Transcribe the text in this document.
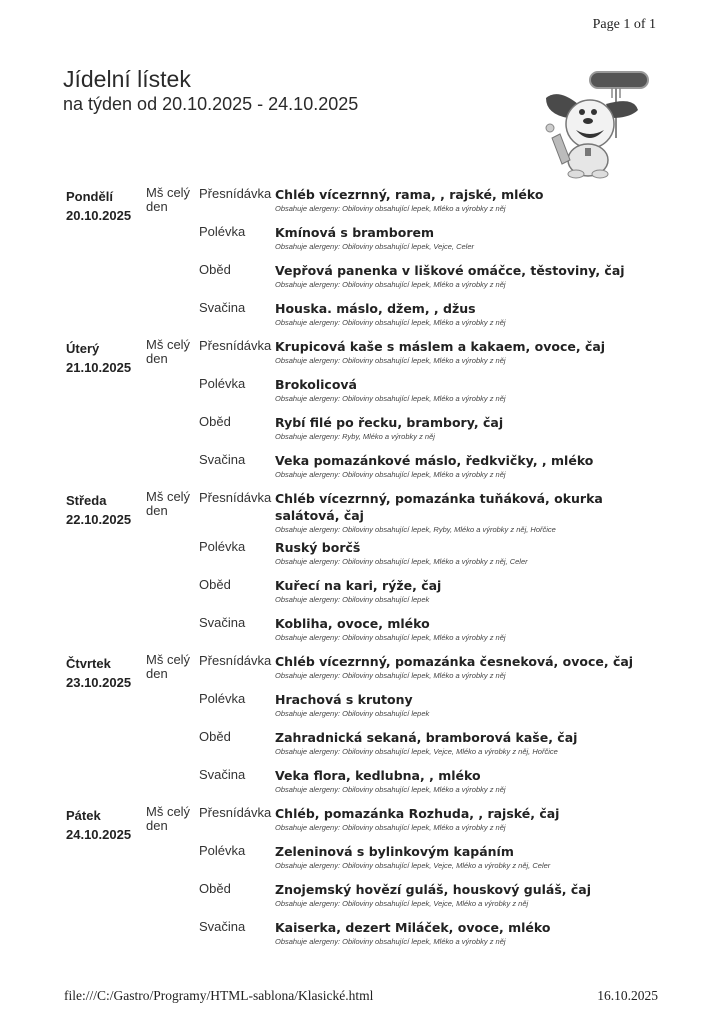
Page 1 of 1
Jídelní lístek
na týden od 20.10.2025 - 24.10.2025
Pondělí
20.10.2025
Mš celý den
Přesnídávka Chléb vícezrnný, rama, , rajské, mléko
Obsahuje alergeny: Obiloviny obsahující lepek, Mléko a výrobky z něj
Polévka	Kmínová s bramborem
Obsahuje alergeny: Obiloviny obsahující lepek, Vejce, Celer
Oběd	Vepřová panenka v liškové omáčce, těstoviny, čaj
Obsahuje alergeny: Obiloviny obsahující lepek, Mléko a výrobky z něj
Svačina	Houska. máslo, džem, , džus
Obsahuje alergeny: Obiloviny obsahující lepek, Mléko a výrobky z něj
Úterý
21.10.2025
Mš celý den
Přesnídávka Krupicová kaše s máslem a kakaem, ovoce, čaj
Obsahuje alergeny: Obiloviny obsahující lepek, Mléko a výrobky z něj
Polévka	Brokolicová
Obsahuje alergeny: Obiloviny obsahující lepek, Mléko a výrobky z něj
Oběd	Rybí filé po řecku, brambory, čaj
Obsahuje alergeny: Ryby, Mléko a výrobky z něj
Svačina	Veka pomazánkové máslo, ředkvičky, , mléko
Obsahuje alergeny: Obiloviny obsahující lepek, Mléko a výrobky z něj
Středa
22.10.2025
Mš celý den
Přesnídávka Chléb vícezrnný, pomazánka tuňáková, okurka salátová, čaj
Obsahuje alergeny: Obiloviny obsahující lepek, Ryby, Mléko a výrobky z něj, Hořčice
Polévka	Ruský borčš
Obsahuje alergeny: Obiloviny obsahující lepek, Mléko a výrobky z něj, Celer
Oběd	Kuřecí na kari, rýže, čaj
Obsahuje alergeny: Obiloviny obsahující lepek
Svačina	Kobliha, ovoce, mléko
Obsahuje alergeny: Obiloviny obsahující lepek, Mléko a výrobky z něj
Čtvrtek
23.10.2025
Mš celý den
Přesnídávka Chléb vícezrnný, pomazánka česneková, ovoce, čaj
Obsahuje alergeny: Obiloviny obsahující lepek, Mléko a výrobky z něj
Polévka	Hrachová s krutony
Obsahuje alergeny: Obiloviny obsahující lepek
Oběd	Zahradnická sekaná, bramborová kaše, čaj
Obsahuje alergeny: Obiloviny obsahující lepek, Vejce, Mléko a výrobky z něj, Hořčice
Svačina	Veka flora, kedlubna, , mléko
Obsahuje alergeny: Obiloviny obsahující lepek, Mléko a výrobky z něj
Pátek
24.10.2025
Mš celý den
Přesnídávka Chléb, pomazánka Rozhuda, , rajské, čaj
Obsahuje alergeny: Obiloviny obsahující lepek, Mléko a výrobky z něj
Polévka	Zeleninová s bylinkovým kapáním
Obsahuje alergeny: Obiloviny obsahující lepek, Vejce, Mléko a výrobky z něj, Celer
Oběd	Znojemský hovězí guláš, houskový guláš, čaj
Obsahuje alergeny: Obiloviny obsahující lepek, Vejce, Mléko a výrobky z něj
Svačina	Kaiserka, dezert Miláček, ovoce, mléko
Obsahuje alergeny: Obiloviny obsahující lepek, Mléko a výrobky z něj
file:///C:/Gastro/Programy/HTML-sablona/Klasické.html	16.10.2025
